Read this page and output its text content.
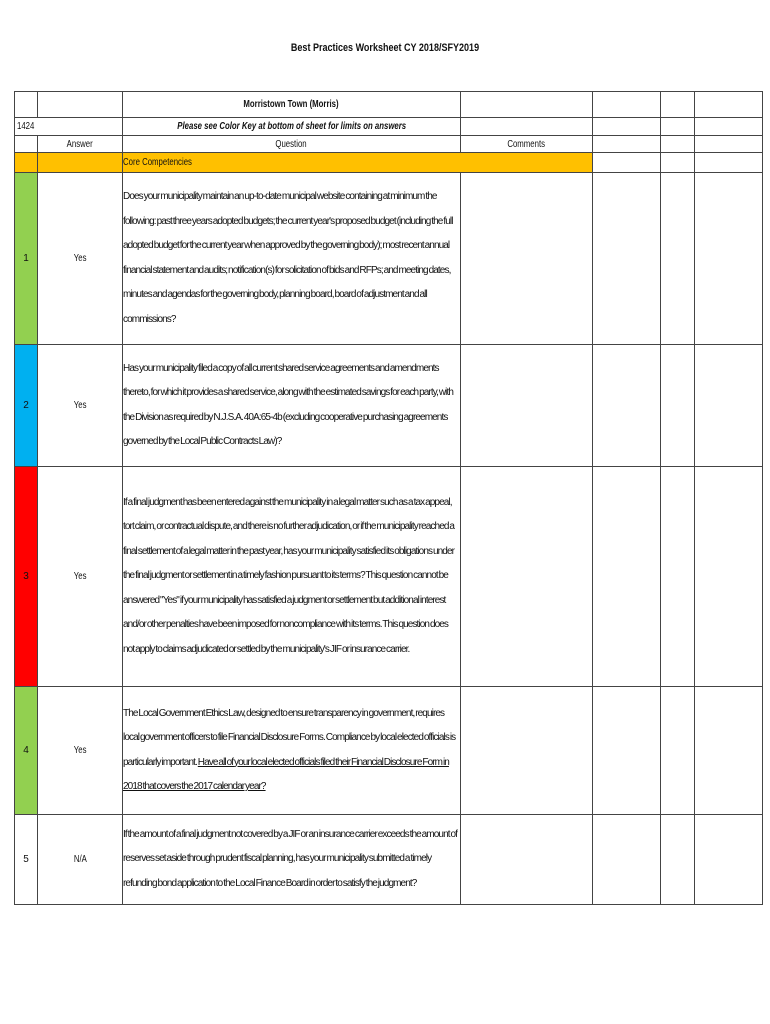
Best Practices Worksheet CY 2018/SFY2019
		Morristown Town (Morris)				
1424		Please see Color Key at bottom of sheet for limits on answers				
	Answer	Question	Comments			
		Core Competencies				
1	Yes	Does your municipality maintain an up-to-date municipal website containing at minimum the following: past three years adopted budgets; the current year's proposed budget (including the full adopted budget for the current year when approved by the governing body); most recent annual financial statement and audits; notification(s) for solicitation of bids and RFPs; and meeting dates, minutes and agendas for the governing body, planning board, board of adjustment and all commissions?				
2	Yes	Has your municipality filed a copy of all current shared service agreements and amendments thereto, for which it provides a shared service, along with the estimated savings for each party, with the Division as required by N.J.S.A. 40A:65-4b (excluding cooperative purchasing agreements governed by the Local Public Contracts Law)?				
3	Yes	If a final judgment has been entered against the municipality in a legal matter such as a tax appeal, tort claim, or contractual dispute, and there is no further adjudication, or if the municipality reached a final settlement of a legal matter in the past year, has your municipality satisfied its obligations under the final judgment or settlement in a timely fashion pursuant to its terms? This question cannot be answered "Yes" if your municipality has satisfied a judgment or settlement but additional interest and/or other penalties have been imposed for noncompliance with its terms. This question does not apply to claims adjudicated or settled by the municipality's JIF or insurance carrier.				
4	Yes	The Local Government Ethics Law, designed to ensure transparency in government, requires local government officers to file Financial Disclosure Forms. Compliance by local elected officials is particularly important. Have all of your local elected officials filed their Financial Disclosure Form in 2018 that covers the 2017 calendar year?				
5	N/A	If the amount of a final judgment not covered by a JIF or an insurance carrier exceeds the amount of reserves set aside through prudent fiscal planning, has your municipality submitted a timely refunding bond application to the Local Finance Board in order to satisfy the judgment?				
